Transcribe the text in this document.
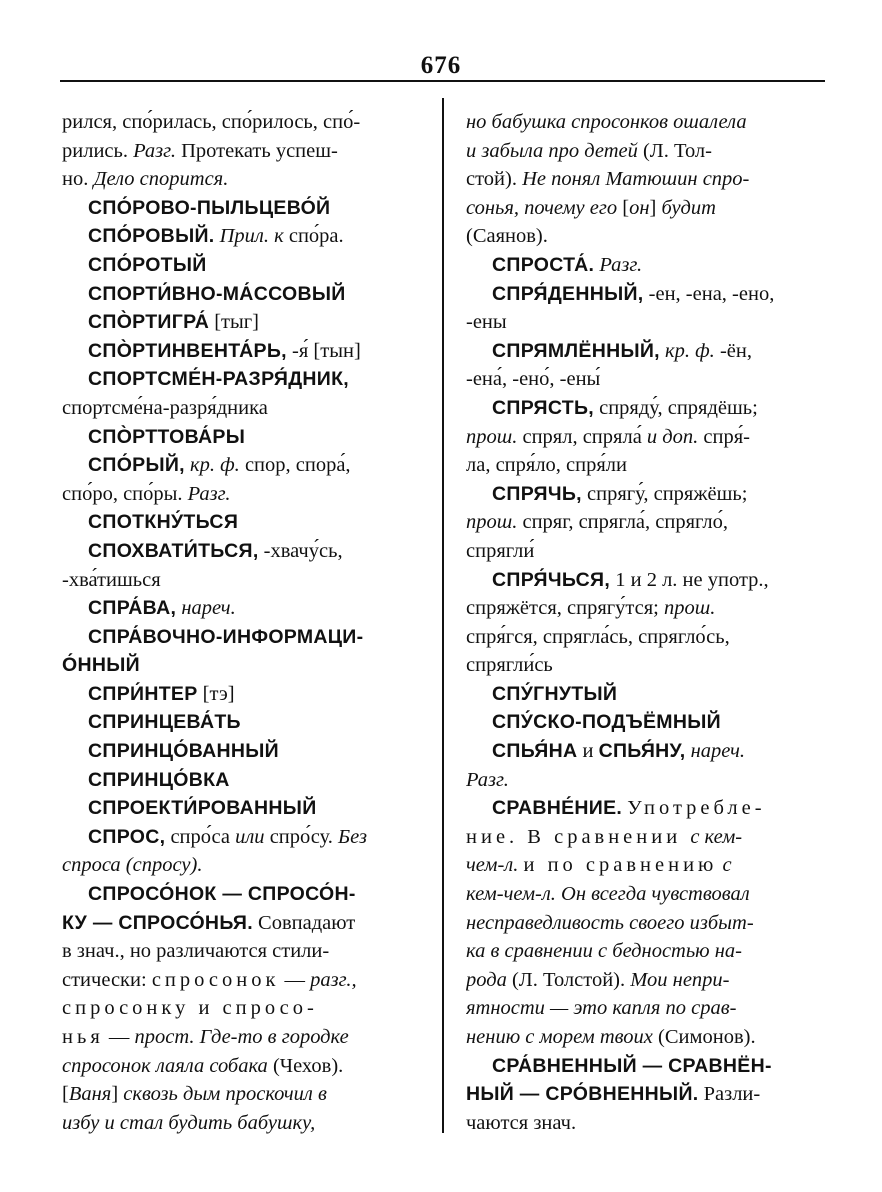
676
рился, спо́рилась, спо́рилось, спо́-
рились. Разг. Протекать успеш-
но. Дело спорится.
СПО́РОВО-ПЫЛЬЦЕВО́Й
СПО́РОВЫЙ. Прил. к спо́ра.
СПО́РОТЫЙ
СПОРТИ́ВНО-МА́ССОВЫЙ
СПО̀РТИГРА́ [тыг]
СПО̀РТИНВЕНТА́РЬ, -я́ [тын]
СПОРТСМЕ́Н-РАЗРЯ́ДНИК,
спортсме́на-разря́дника
СПО̀РТТОВА́РЫ
СПО́РЫЙ, кр. ф. спор, спора́,
спо́ро, спо́ры. Разг.
СПОТКНУ́ТЬСЯ
СПОХВАТИ́ТЬСЯ, -хвачу́сь,
-хва́тишься
СПРА́ВА, нареч.
СПРА́ВОЧНО-ИНФОРМАЦИ-
О́ННЫЙ
СПРИ́НТЕР [тэ]
СПРИНЦЕВА́ТЬ
СПРИНЦО́ВАННЫЙ
СПРИНЦО́ВКА
СПРОЕКТИ́РОВАННЫЙ
СПРОС, спро́са или спро́су. Без
спроса (спросу).
СПРОСО́НОК — СПРОСО́Н-
КУ — СПРОСО́НЬЯ. Совпадают
в знач., но различаются стили-
стически: спросонок — разг.,
спросонку и спросо-
нья — прост. Где-то в городке
спросонок лаяла собака (Чехов).
[Ваня] сквозь дым проскочил в
избу и стал будить бабушку,
но бабушка спросонков ошалела
и забыла про детей (Л. Тол-
стой). Не понял Матюшин спро-
сонья, почему его [он] будит
(Саянов).
СПРОСТА́. Разг.
СПРЯ́ДЕННЫЙ, -ен, -ена, -ено,
-ены
СПРЯМЛЁННЫЙ, кр. ф. -ён,
-ена́, -ено́, -ены́
СПРЯСТЬ, спряду́, спрядёшь;
прош. спрял, спряла́ и доп. спря́-
ла, спря́ло, спря́ли
СПРЯЧЬ, спрягу́, спряжёшь;
прош. спряг, спрягла́, спрягло́,
спрягли́
СПРЯ́ЧЬСЯ, 1 и 2 л. не употр.,
спряжётся, спрягу́тся; прош.
спря́гся, спрягла́сь, спрягло́сь,
спрягли́сь
СПУ́ГНУТЫЙ
СПУ́СКО-ПОДЪЁМНЫЙ
СПЬЯ́НА и СПЬЯ́НУ, нареч.
Разг.
СРАВНЕ́НИЕ. Употребле-
ние. В сравнении с кем-
чем-л. и по сравнению с
кем-чем-л. Он всегда чувствовал
несправедливость своего избыт-
ка в сравнении с бедностью на-
рода (Л. Толстой). Мои непри-
ятности — это капля по срав-
нению с морем твоих (Симонов).
СРА́ВНЕННЫЙ — СРАВНЁН-
НЫЙ — СРО́ВНЕННЫЙ. Разли-
чаются знач.
